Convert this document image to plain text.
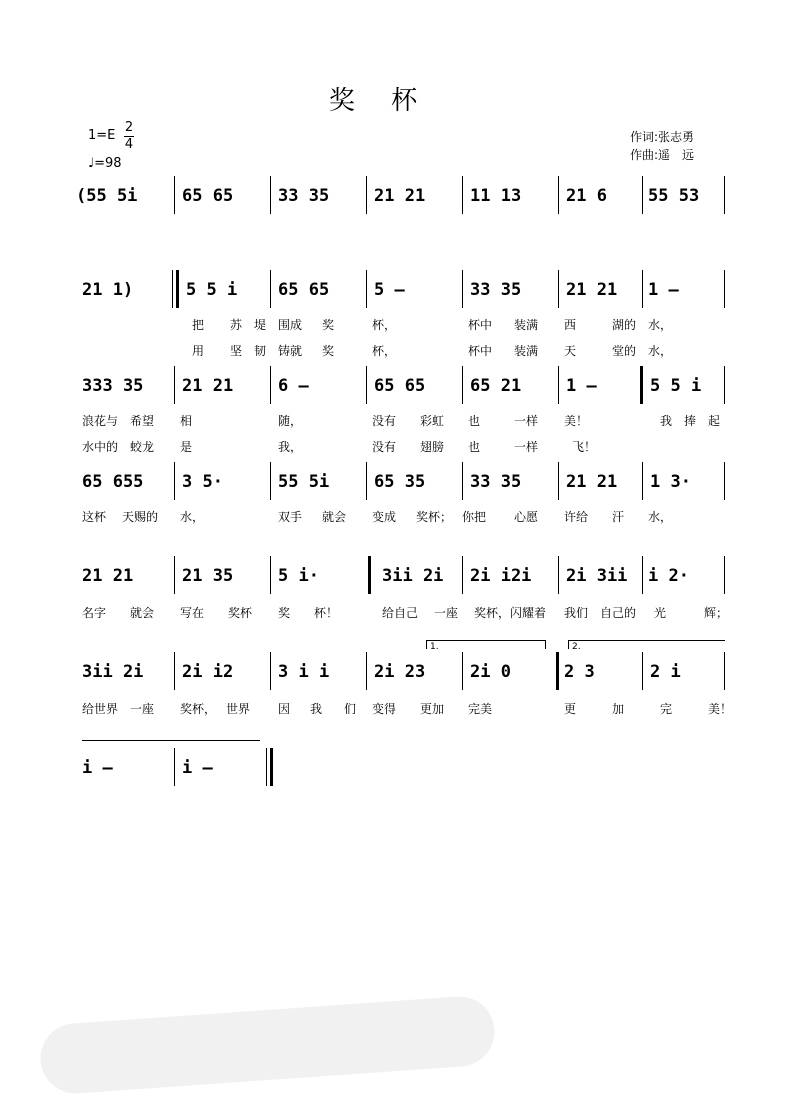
奖 杯
$1=E \frac{2}{4}$
♩=98
作词:张志勇
作曲:遥　远
(55 5i	65 65	33 35	21 21	11 13	21 6 55 53
21 1)	5 5 i 65 65	5 —	33 35	21 21 1 —
把 苏 堤 围成 奖	杯，	杯中 装满 西	湖的 水，
用 坚 韧 铸就 奖	杯，	杯中 装满 天	堂的 水，
333 35 21 21	6 —	65 65	65 21	1 —	5 5 i
浪花与 希望 相	随，	没有 彩虹 也	一样 美！	我 捧 起
水中的 蛟龙 是	我，	没有 翅膀 也	一样	飞！
65 655 3 5·	55 5i	65 35	33 35	21 21 1 3·
这杯 天赐的 水，	双手 就会 变成 奖杯； 你把 心愿 许给 汗 水，
21 21	21 35	5 i·	3ii 2i 2i i2i 2i 3ii i 2·
名字 就会 写在 奖杯 奖 杯！	给自己 一座 奖杯， 闪耀着 我们 自己的 光	辉；
1.	2.
3ii 2i 2i i2	3 i i	2i 23	2i 0	2 3	2 i
给世界 一座 奖杯， 世界 因 我 们 变得 更加 完美	更	加	完	美！
i —	i —
